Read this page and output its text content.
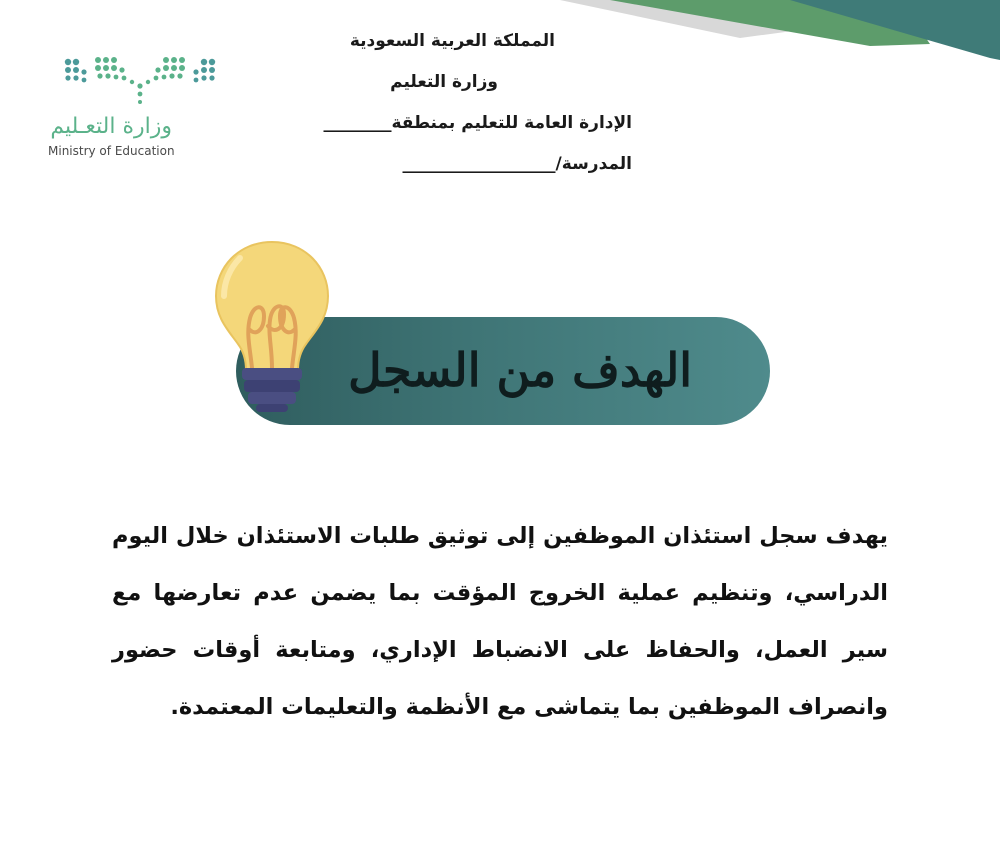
وزارة التعـليم
Ministry of Education
المملكة العربية السعودية
وزارة التعليم
الإدارة العامة للتعليم بمنطقة________
المدرسة/__________________
الهدف من السجل
يهدف سجل استئذان الموظفين إلى توثيق طلبات الاستئذان خلال اليوم الدراسي، وتنظيم عملية الخروج المؤقت بما يضمن عدم تعارضها مع سير العمل، والحفاظ على الانضباط الإداري، ومتابعة أوقات حضور وانصراف الموظفين بما يتماشى مع الأنظمة والتعليمات المعتمدة.
